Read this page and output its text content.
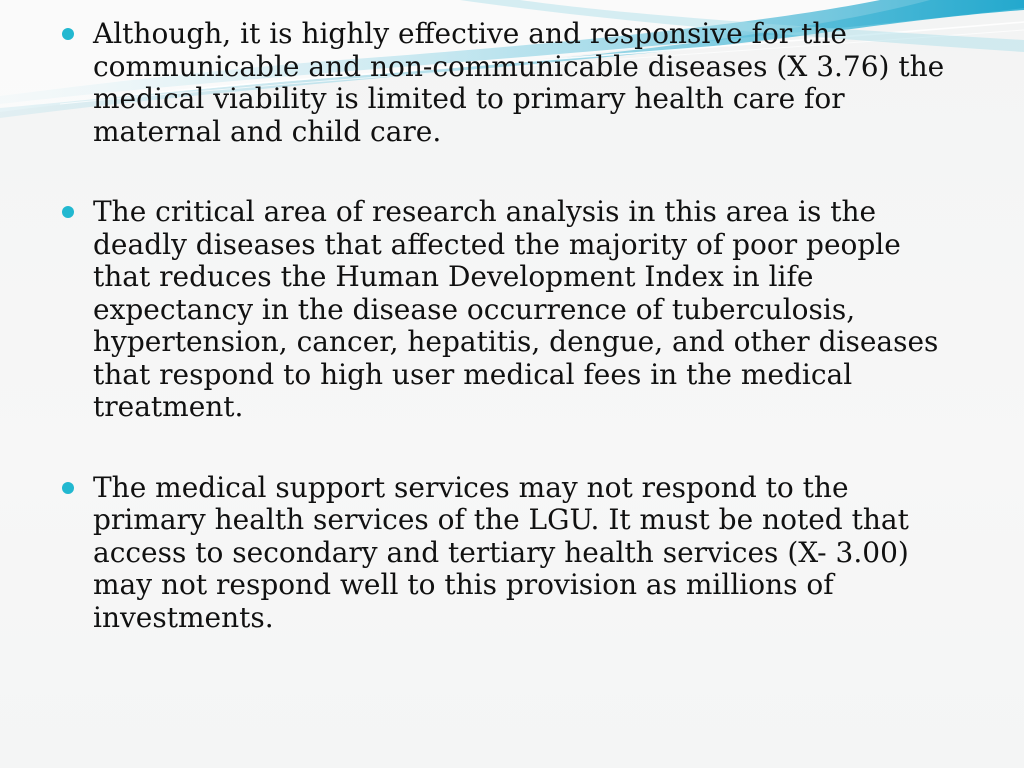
Although, it is highly effective and responsive for the communicable and non-communicable diseases (X 3.76) the medical viability is limited to primary health care for maternal and child care.

The critical area of research analysis in this area is the deadly diseases that affected the majority of poor people that reduces the Human Development Index in life expectancy in the disease occurrence of tuberculosis, hypertension, cancer, hepatitis, dengue, and other diseases that respond to high user medical fees in the medical treatment.

The medical support services may not respond to the primary health services of the LGU. It must be noted that access to secondary and tertiary health services (X- 3.00) may not respond well to this provision as millions of investments.
